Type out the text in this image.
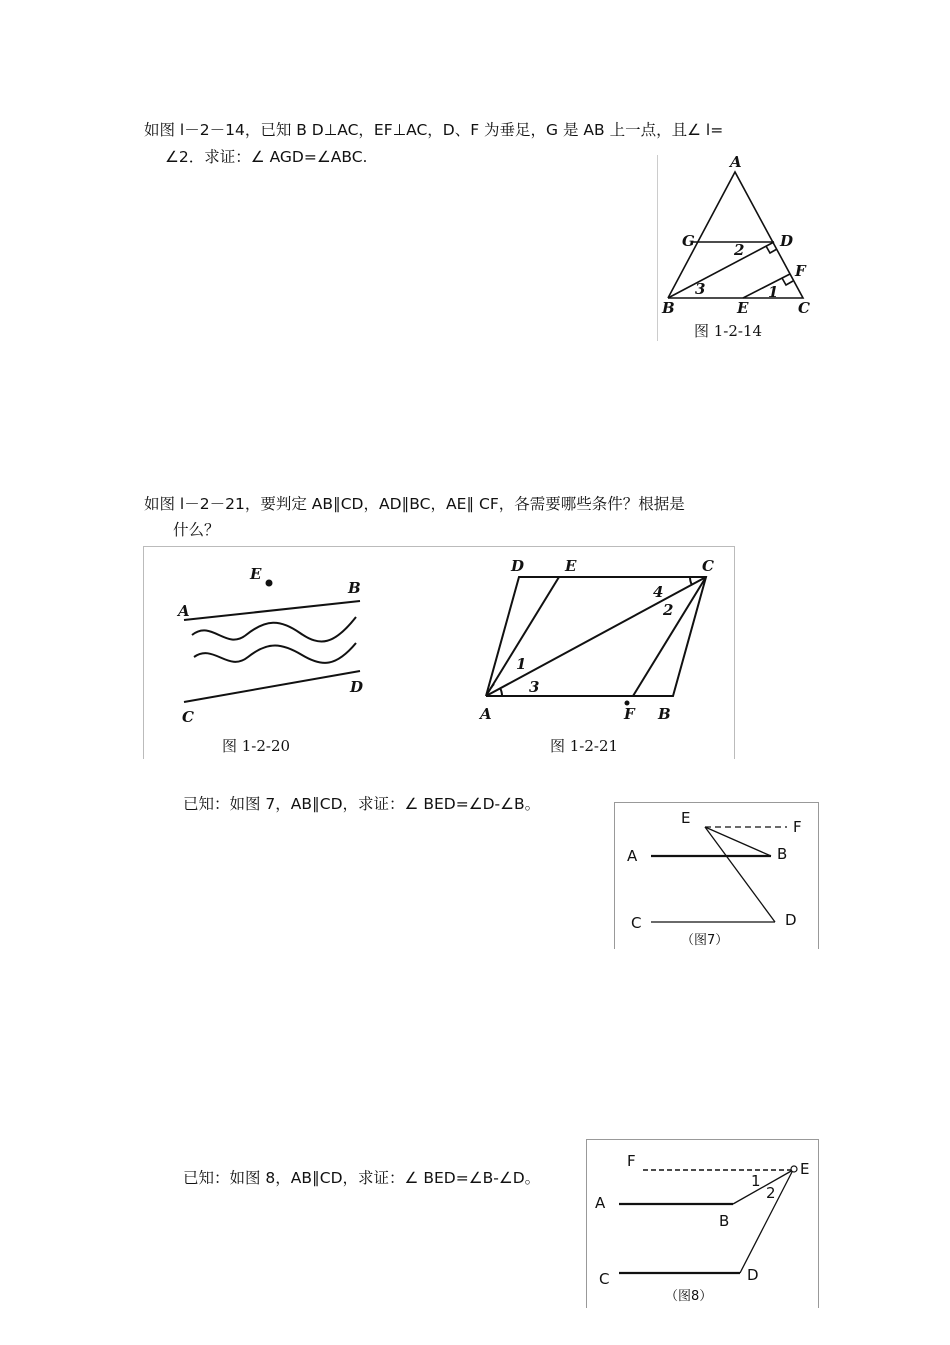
如图 l－2－14，已知 B D⊥AC，EF⊥AC，D、F 为垂足，G 是 AB 上一点，且∠ l=
∠2．求证：∠ AGD=∠ABC.	A
G	D
F
B	E	C
2
1
3
图 1-2-14
如图 l－2－21，要判定 AB∥CD，AD∥BC，AE∥ CF，各需要哪些条件？根据是
什么？
E
A
B
C
D
图 1-2-20
D	E	C
A	F B
1
3
4
2
图 1-2-21
已知：如图 7，AB∥CD，求证：∠ BED=∠D-∠B。
E	F
A	B
C	D
（图7）
已知：如图 8，AB∥CD，求证：∠ BED=∠B-∠D。
F	E
A
B
C	D
1
2
（图8）
